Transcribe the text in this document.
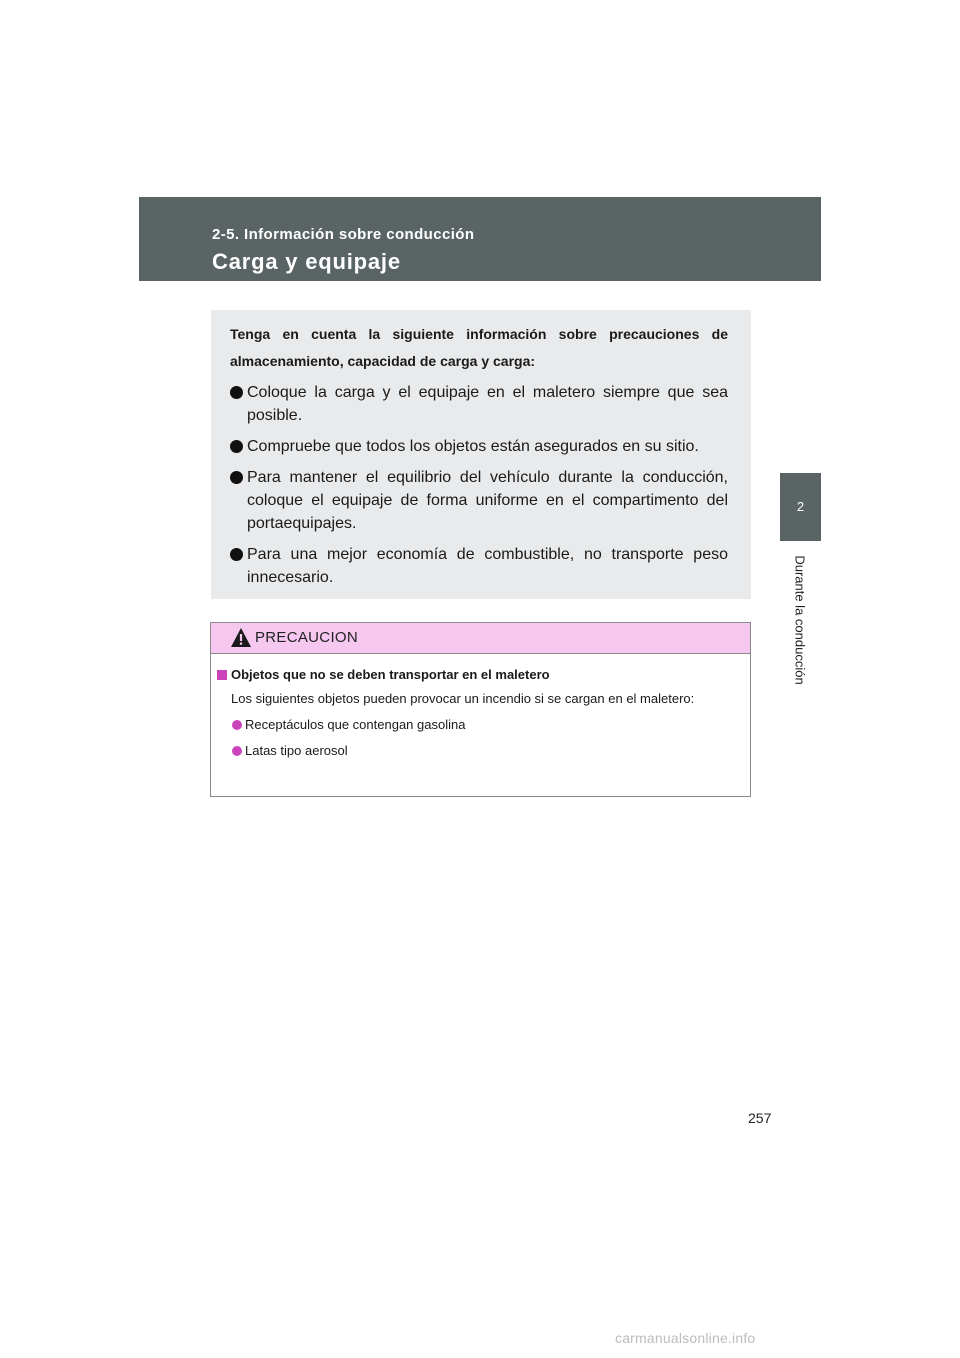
2-5. Información sobre conducción
Carga y equipaje
2
Durante la conducción

Tenga en cuenta la siguiente información sobre precauciones de almacenamiento, capacidad de carga y carga:

Coloque la carga y el equipaje en el maletero siempre que sea posible.
Compruebe que todos los objetos están asegurados en su sitio.
Para mantener el equilibrio del vehículo durante la conducción, coloque el equipaje de forma uniforme en el compartimento del portaequipajes.
Para una mejor economía de combustible, no transporte peso innecesario.
PRECAUCION
Objetos que no se deben transportar en el maletero
Los siguientes objetos pueden provocar un incendio si se cargan en el maletero:
Receptáculos que contengan gasolina
Latas tipo aerosol
257
carmanualsonline.info
